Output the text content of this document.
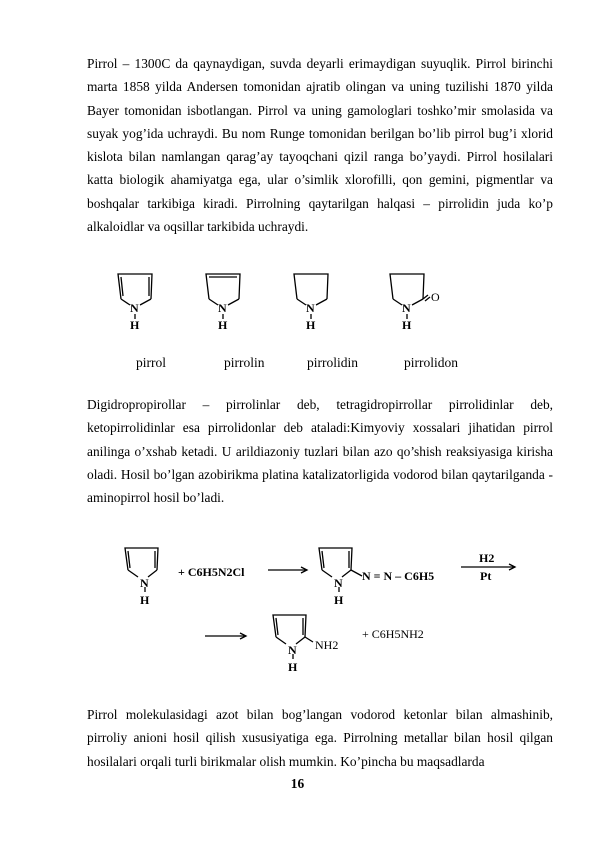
Pirrol – 1300C da qaynaydigan, suvda deyarli erimaydigan suyuqlik. Pirrol birinchi marta 1858 yilda Andersen tomonidan ajratib olingan va uning tuzilishi 1870 yilda Bayer tomonidan isbotlangan. Pirrol va uning gamologlari toshko’mir smolasida va suyak yog’ida uchraydi. Bu nom Runge tomonidan berilgan bo’lib pirrol bug’i xlorid kislota bilan namlangan qarag’ay tayoqchani qizil ranga bo’yaydi. Pirrol hosilalari katta biologik ahamiyatga ega, ular o’simlik xlorofilli, qon gemini, pigmentlar va boshqalar tarkibiga kiradi. Pirrolning qaytarilgan halqasi – pirrolidin juda ko’p alkaloidlar va oqsillar tarkibida uchraydi.

N
H
N
H
N
H
N
H
O
pirrol	pirrolin	pirrolidin	pirrolidon

Digidropropirollar – pirrolinlar deb, tetragidropirrollar pirrolidinlar deb, ketopirrolidinlar esa pirrolidonlar deb ataladi:Kimyoviy xossalari jihatidan pirrol anilinga o’xshab ketadi. U arildiazoniy tuzlari bilan azo qo’shish reaksiyasiga kirisha oladi. Hosil bo’lgan azobirikma platina katalizatorligida vodorod bilan qaytarilganda -aminopirrol hosil bo’ladi.

N
H
+ C6H5N2Cl
N
H
N = N – C6H5
H2
Pt
N
H
NH2
+ C6H5NH2

Pirrol molekulasidagi azot bilan bog’langan vodorod ketonlar bilan almashinib, pirroliy anioni hosil qilish xususiyatiga ega. Pirrolning metallar bilan hosil qilgan hosilalari orqali turli birikmalar olish mumkin. Ko’pincha bu maqsadlarda

16
